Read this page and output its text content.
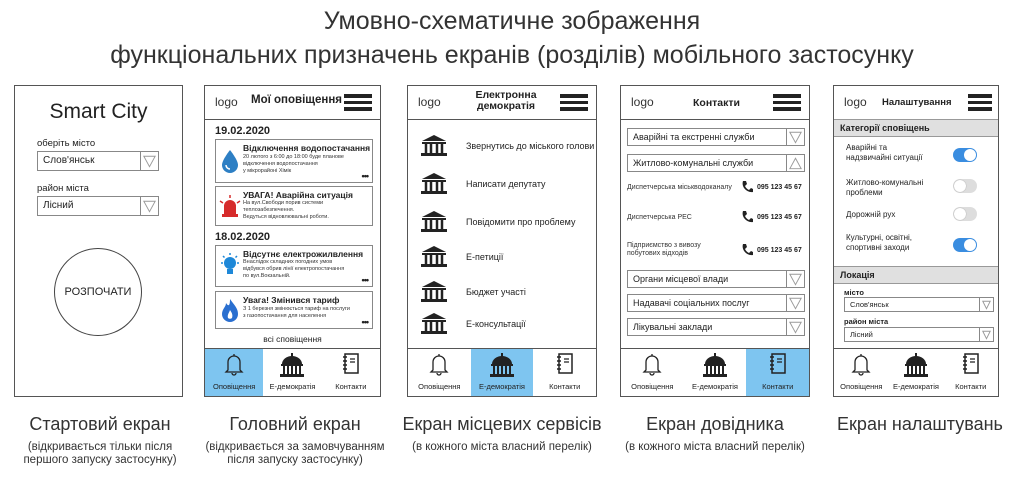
Умовно-схематичне зображення
функціональних призначень екранів (розділів) мобільного застосунку
Smart City
оберіть місто
Слов'янськ
район міста
Лісний
РОЗПОЧАТИ
Стартовий екран
(відкривається тільки після
першого запуску застосунку)
logo Мої оповіщення
19.02.2020
Відключення водопостачання
20 лютого з 6:00 до 18:00 буде планове
відключення водопостачання
у мікрорайоні Хімік	•••
УВАГА! Аварійна ситуація
На вул.Свободи порив системи
теплозабезпечення.
Ведуться відновлювальні роботи.
18.02.2020
Відсутнє електрожилвлення
Внаслідок складних погодних умов
відбувся обрив лінії електропостачання
по вул.Вокзальній.	•••
Увага! Змінився тариф
З 1 березня змінюється тариф на послуги
з газопостачання для населення
•••
всі сповіщення
Оповіщення	Е-демократія	Контакти
Головний екран
(відкривається за замовчуванням
після запуску застосунку)
logo	Електронна
демократія
Звернутись до міського голови
Написати депутату
Повідомити про проблему
Е-петиції
Бюджет участі
Е-консультації
Оповіщення	Е-демократія	Контакти
Екран місцевих сервісів
(в кожного міста власний перелік)
logo	Контакти
Аварійні та екстренні служби
Житлово-комунальні служби
Диспетчерська міськводоканалу	095 123 45 67
Диспетчерська РЕС	095 123 45 67
Підприємство з вивозу
побутових відходів	095 123 45 67
Органи місцевої влади
Надавачі соціальних послуг
Лікувальні заклади
Оповіщення	Е-демократія	Контакти
Екран довідника
(в кожного міста власний перелік)
logo Налаштування
Категорії сповіщень
Аварійні та
надзвичайні ситуації
Житлово-комунальні
проблеми
Дорожній рух
Культурні, освітні,
спортивні заходи
Локація
місто
Слов'янськ
район міста
Лісний
Оповіщення	Е-демократія	Контакти
Екран налаштувань
